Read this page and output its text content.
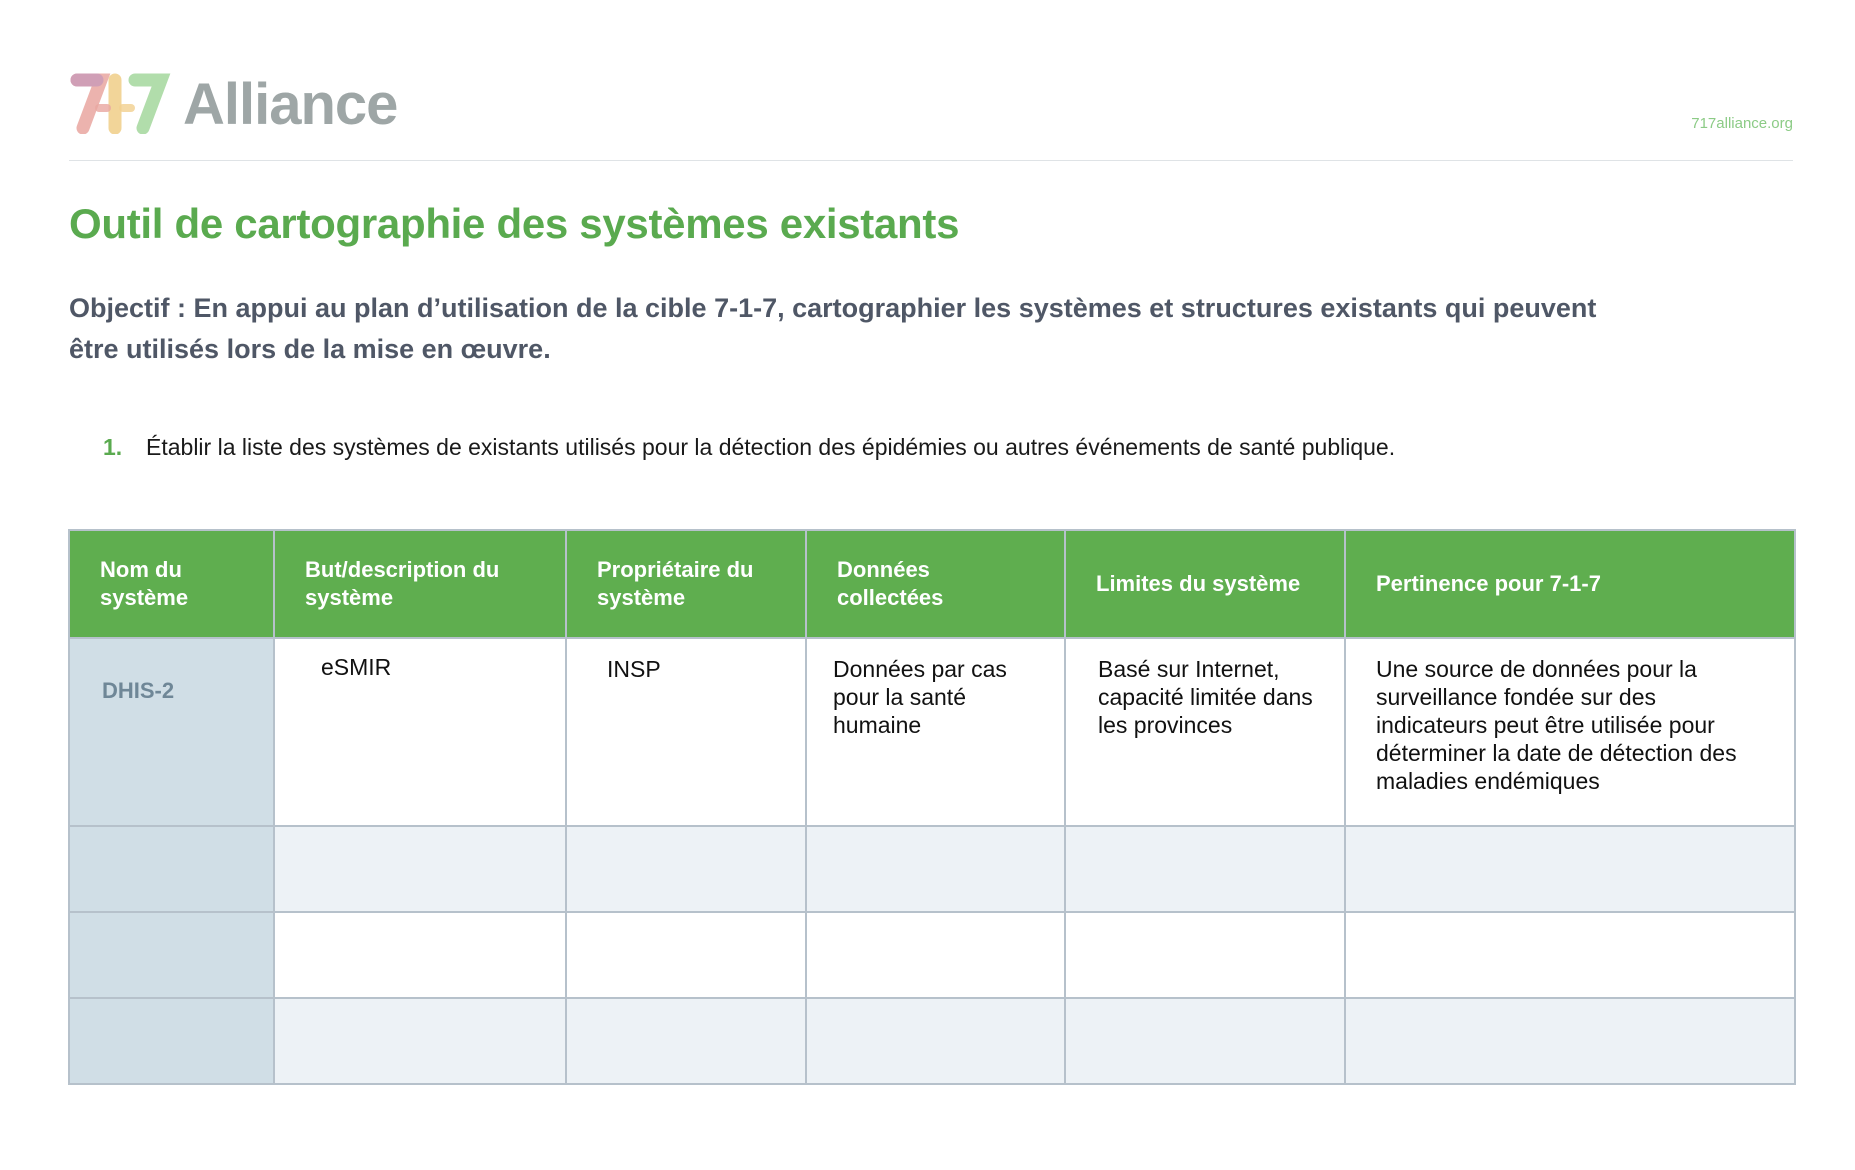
Alliance	717alliance.org
Outil de cartographie des systèmes existants

Objectif : En appui au plan d’utilisation de la cible 7-1-7, cartographier les systèmes et structures existants qui peuvent être utilisés lors de la mise en œuvre.

1.	Établir la liste des systèmes de existants utilisés pour la détection des épidémies ou autres événements de santé publique.

Nom du système	But/description du système	Propriétaire du système	Données collectées	Limites du système	Pertinence pour 7-1-7

DHIS-2	eSMIR	INSP	Données par cas pour la santé humaine	Basé sur Internet, capacité limitée dans les provinces	Une source de données pour la surveillance fondée sur des indicateurs peut être utilisée pour déterminer la date de détection des maladies endémiques
